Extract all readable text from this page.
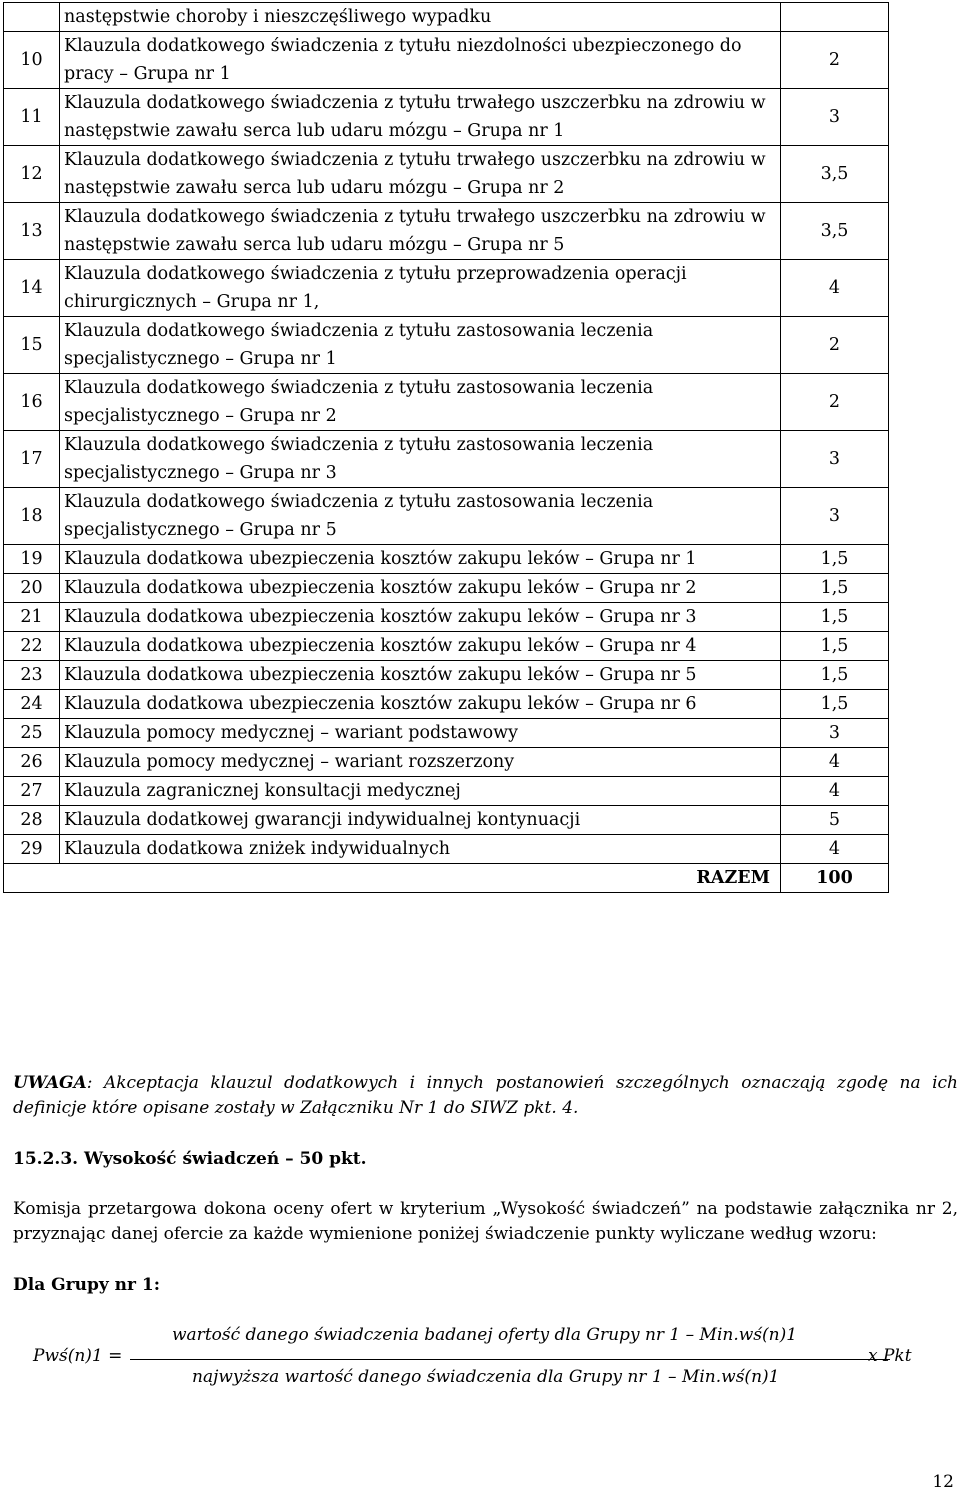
	następstwie choroby i nieszczęśliwego wypadku	
10	Klauzula dodatkowego świadczenia z tytułu niezdolności ubezpieczonego do pracy – Grupa nr 1	2
11	Klauzula dodatkowego świadczenia z tytułu trwałego uszczerbku na zdrowiu w następstwie zawału serca lub udaru mózgu – Grupa nr 1	3
12	Klauzula dodatkowego świadczenia z tytułu trwałego uszczerbku na zdrowiu w następstwie zawału serca lub udaru mózgu – Grupa nr 2	3,5
13	Klauzula dodatkowego świadczenia z tytułu trwałego uszczerbku na zdrowiu w następstwie zawału serca lub udaru mózgu – Grupa nr 5	3,5
14	Klauzula dodatkowego świadczenia z tytułu przeprowadzenia operacji chirurgicznych – Grupa nr 1,	4
15	Klauzula dodatkowego świadczenia z tytułu zastosowania leczenia specjalistycznego – Grupa nr 1	2
16	Klauzula dodatkowego świadczenia z tytułu zastosowania leczenia specjalistycznego – Grupa nr 2	2
17	Klauzula dodatkowego świadczenia z tytułu zastosowania leczenia specjalistycznego – Grupa nr 3	3
18	Klauzula dodatkowego świadczenia z tytułu zastosowania leczenia specjalistycznego – Grupa nr 5	3
19	Klauzula dodatkowa ubezpieczenia kosztów zakupu leków – Grupa nr 1	1,5
20	Klauzula dodatkowa ubezpieczenia kosztów zakupu leków – Grupa nr 2	1,5
21	Klauzula dodatkowa ubezpieczenia kosztów zakupu leków – Grupa nr 3	1,5
22	Klauzula dodatkowa ubezpieczenia kosztów zakupu leków – Grupa nr 4	1,5
23	Klauzula dodatkowa ubezpieczenia kosztów zakupu leków – Grupa nr 5	1,5
24	Klauzula dodatkowa ubezpieczenia kosztów zakupu leków – Grupa nr 6	1,5
25	Klauzula pomocy medycznej – wariant podstawowy	3
26	Klauzula pomocy medycznej – wariant rozszerzony	4
27	Klauzula zagranicznej konsultacji medycznej	4
28	Klauzula dodatkowej gwarancji indywidualnej kontynuacji	5
29	Klauzula dodatkowa zniżek indywidualnych	4

RAZEM		100
UWAGA: Akceptacja klauzul dodatkowych i innych postanowień szczególnych oznaczają zgodę na ich definicje które opisane zostały w Załączniku Nr 1 do SIWZ pkt. 4.
15.2.3. Wysokość świadczeń – 50 pkt.
Komisja przetargowa dokona oceny ofert w kryterium „Wysokość świadczeń” na podstawie załącznika nr 2, przyznając danej ofercie za każde wymienione poniżej świadczenie punkty wyliczane według wzoru:
Dla Grupy nr 1:
Pwś(n)1 =
wartość danego świadczenia badanej oferty dla Grupy nr 1 – Min.wś(n)1
najwyższa wartość danego świadczenia dla Grupy nr 1 – Min.wś(n)1
x Pkt
12
